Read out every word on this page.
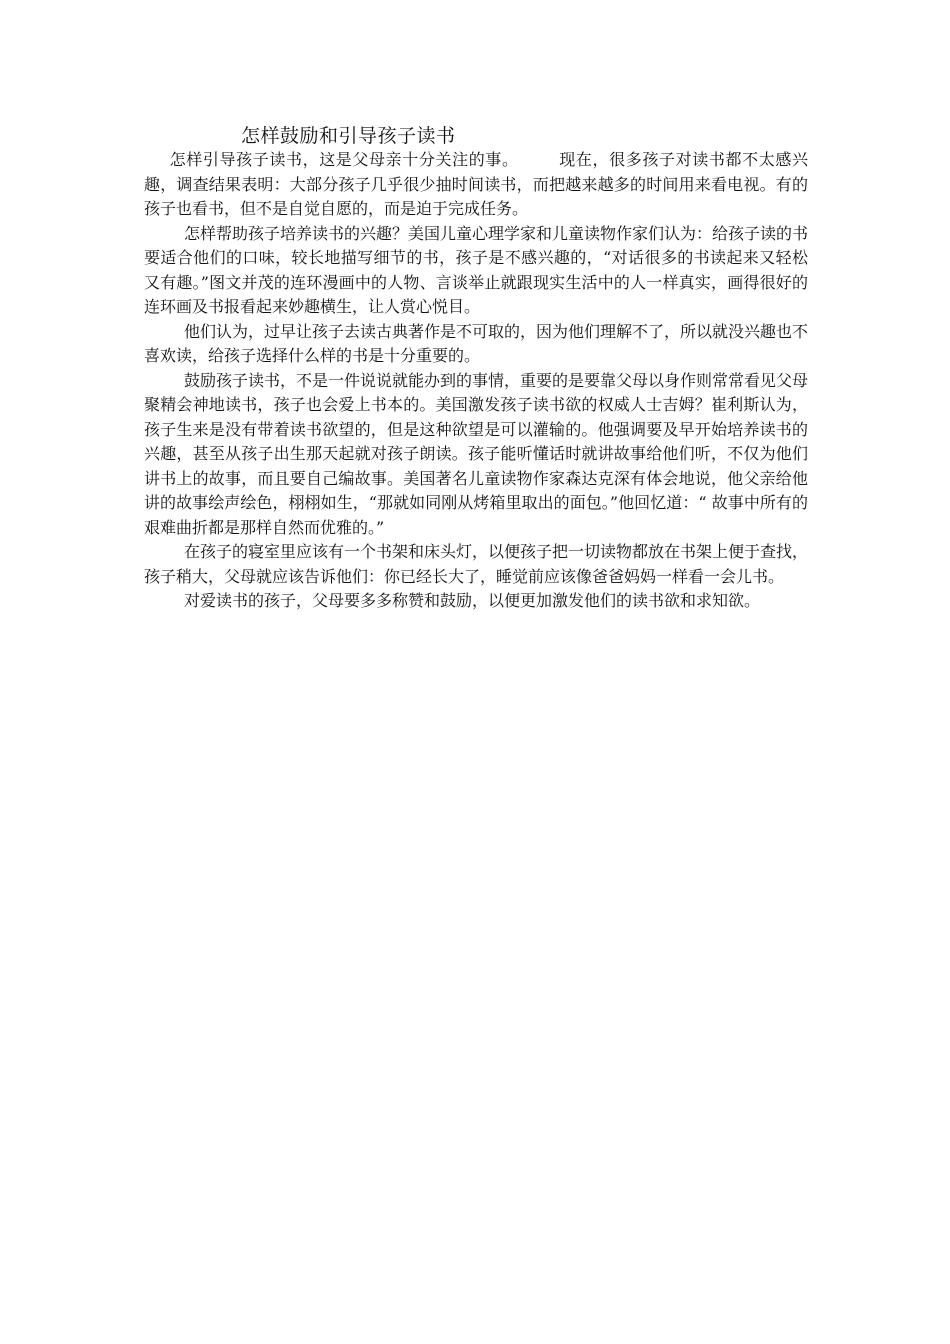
怎样鼓励和引导孩子读书

怎样引导孩子读书，这是父母亲十分关注的事。	现在，很多孩子对读书都不太感兴趣，调查结果表明：大部分孩子几乎很少抽时间读书，而把越来越多的时间用来看电视。有的孩子也看书，但不是自觉自愿的，而是迫于完成任务。

怎样帮助孩子培养读书的兴趣？美国儿童心理学家和儿童读物作家们认为：给孩子读的书要适合他们的口味，较长地描写细节的书，孩子是不感兴趣的，“对话很多的书读起来又轻松又有趣。”图文并茂的连环漫画中的人物、言谈举止就跟现实生活中的人一样真实，画得很好的连环画及书报看起来妙趣横生，让人赏心悦目。

他们认为，过早让孩子去读古典著作是不可取的，因为他们理解不了，所以就没兴趣也不喜欢读，给孩子选择什么样的书是十分重要的。

鼓励孩子读书，不是一件说说就能办到的事情，重要的是要靠父母以身作则常常看见父母聚精会神地读书，孩子也会爱上书本的。美国激发孩子读书欲的权威人士吉姆？崔利斯认为，孩子生来是没有带着读书欲望的，但是这种欲望是可以灌输的。他强调要及早开始培养读书的兴趣，甚至从孩子出生那天起就对孩子朗读。孩子能听懂话时就讲故事给他们听，不仅为他们讲书上的故事，而且要自己编故事。美国著名儿童读物作家森达克深有体会地说，他父亲给他讲的故事绘声绘色，栩栩如生，“那就如同刚从烤箱里取出的面包。”他回忆道：“ 故事中所有的艰难曲折都是那样自然而优雅的。”

在孩子的寝室里应该有一个书架和床头灯，以便孩子把一切读物都放在书架上便于查找，孩子稍大，父母就应该告诉他们：你已经长大了，睡觉前应该像爸爸妈妈一样看一会儿书。

对爱读书的孩子，父母要多多称赞和鼓励，以便更加激发他们的读书欲和求知欲。
